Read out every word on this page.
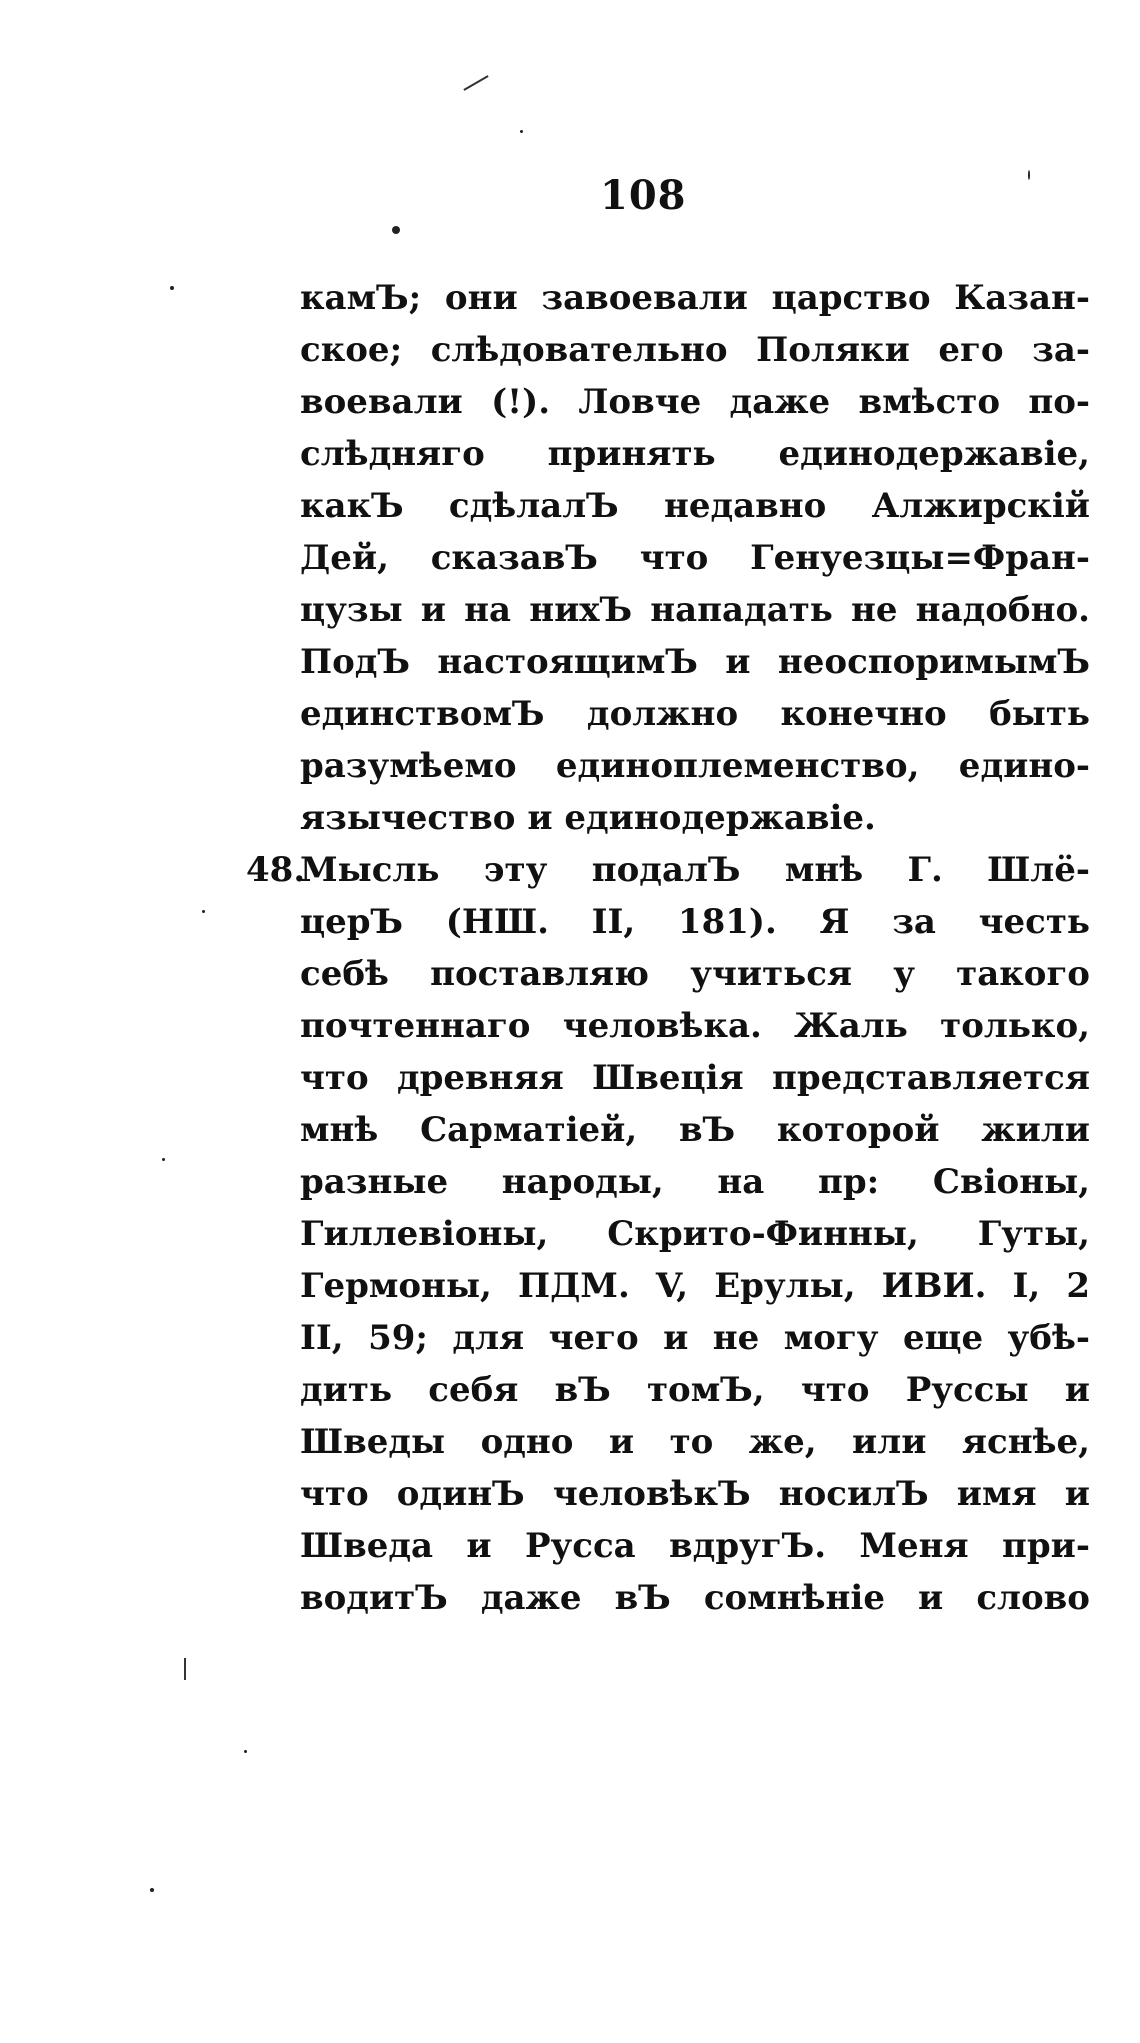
108
48.
камЪ; они завоевали царство Казан-
ское; слѣдовательно Поляки его за-
воевали (!). Ловче даже вмѣсто по-
слѣдняго принять единодержавіе,
какЪ сдѣлалЪ недавно Алжирскій
Дей, сказавЪ что Генуезцы=Фран-
цузы и на нихЪ нападать не надобно.
ПодЪ настоящимЪ и неоспоримымЪ
единствомЪ должно конечно быть
разумѣемо единоплеменство, едино-
язычество и единодержавіе.
Мысль эту подалЪ мнѣ Г. Шлё-
церЪ (НШ. II, 181). Я за честь
себѣ поставляю учиться у такого
почтеннаго человѣка. Жаль только,
что древняя Швеція представляется
мнѣ Сарматіей, вЪ которой жили
разные народы, на пр: Свіоны,
Гиллевіоны, Скрито-Финны, Гуты,
Гермоны, ПДМ. V, Ерулы, ИВИ. I, 2
II, 59; для чего и не могу еще убѣ-
дить себя вЪ томЪ, что Руссы и
Шведы одно и то же, или яснѣе,
что одинЪ человѣкЪ носилЪ имя и
Шведа и Русса вдругЪ. Меня при-
водитЪ даже вЪ сомнѣніе и слово
